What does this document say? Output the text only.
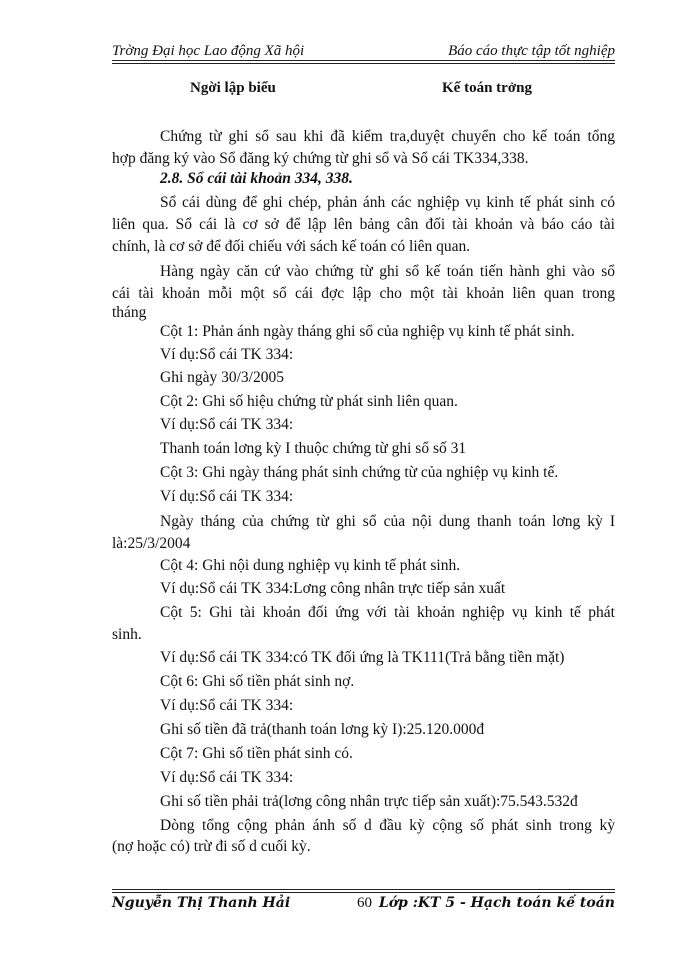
Trờng Đại học Lao động Xã hội	Báo cáo thực tập tốt nghiệp
Ngời lập biểu	Kế toán trởng
Chứng từ ghi sổ sau khi đã kiểm tra,duyệt chuyển cho kế toán tổng
hợp đăng ký vào Sổ đăng ký chứng từ ghi sổ và Sổ cái TK334,338.
2.8. Sổ cái tài khoản 334, 338.
Sổ cái dùng để ghi chép, phản ánh các nghiệp vụ kinh tế phát sinh có
liên qua. Sổ cái là cơ sở để lập lên bảng cân đối tài khoản và báo cáo tài
chính, là cơ sở để đối chiếu với sách kế toán có liên quan.
Hàng ngày căn cứ vào chứng từ ghi sổ kế toán tiến hành ghi vào sổ
cái tài khoản mỗi một sổ cái đợc lập cho một tài khoản liên quan trong
tháng
Cột 1: Phản ánh ngày tháng ghi sổ của nghiệp vụ kinh tế phát sinh.
Ví dụ:Sổ cái TK 334:
Ghi ngày 30/3/2005
Cột 2: Ghi số hiệu chứng từ phát sinh liên quan.
Ví dụ:Sổ cái TK 334:
Thanh toán lơng kỳ I thuộc chứng từ ghi sổ số 31
Cột 3: Ghi ngày tháng phát sinh chứng từ của nghiệp vụ kinh tế.
Ví dụ:Sổ cái TK 334:
Ngày tháng của chứng từ ghi sổ của nội dung thanh toán lơng kỳ I
là:25/3/2004
Cột 4: Ghi nội dung nghiệp vụ kinh tế phát sinh.
Ví dụ:Sổ cái TK 334:Lơng công nhân trực tiếp sản xuất
Cột 5: Ghi tài khoản đối ứng với tài khoản nghiệp vụ kinh tế phát
sinh.
Ví dụ:Sổ cái TK 334:có TK đối ứng là TK111(Trả bằng tiền mặt)
Cột 6: Ghi số tiền phát sinh nợ.
Ví dụ:Sổ cái TK 334:
Ghi số tiền đã trả(thanh toán lơng kỳ I):25.120.000đ
Cột 7: Ghi số tiền phát sinh có.
Ví dụ:Sổ cái TK 334:
Ghi số tiền phải trả(lơng công nhân trực tiếp sản xuất):75.543.532đ
Dòng tổng cộng phản ánh số d đầu kỳ cộng số phát sinh trong kỳ
(nợ hoặc có) trừ đi số d cuối kỳ.
Nguyễn Thị Thanh Hải	60 Lớp :KT 5 - Hạch toán kế toán
